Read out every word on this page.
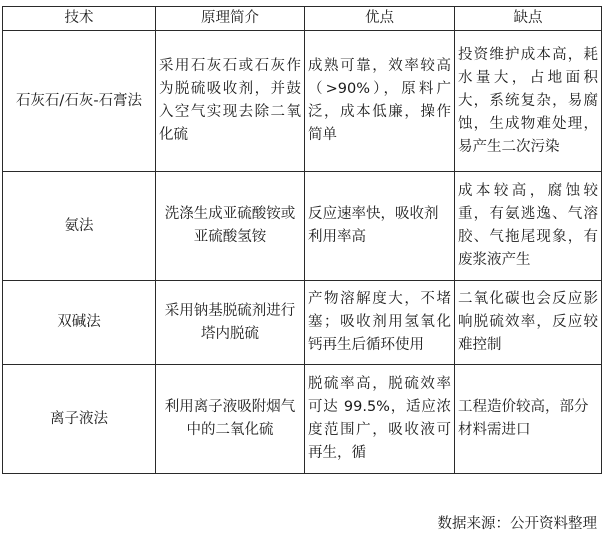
技术	原理简介	优点	缺点
石灰石/石灰-石膏法	采用石灰石或石灰作为脱硫吸收剂，并鼓入空气实现去除二氧化硫	成熟可靠，效率较高（>90%），原料广泛，成本低廉，操作简单	投资维护成本高，耗水量大，占地面积大，系统复杂，易腐蚀，生成物难处理，易产生二次污染
氨法	洗涤生成亚硫酸铵或亚硫酸氢铵	反应速率快，吸收剂利用率高	成本较高，腐蚀较重，有氨逃逸、气溶胶、气拖尾现象，有废浆液产生
双碱法	采用钠基脱硫剂进行塔内脱硫	产物溶解度大，不堵塞；吸收剂用氢氧化钙再生后循环使用	二氧化碳也会反应影响脱硫效率，反应较难控制
离子液法	利用离子液吸附烟气中的二氧化硫	脱硫率高，脱硫效率可达 99.5%，适应浓度范围广，吸收液可再生，循	工程造价较高，部分材料需进口
数据来源：公开资料整理
